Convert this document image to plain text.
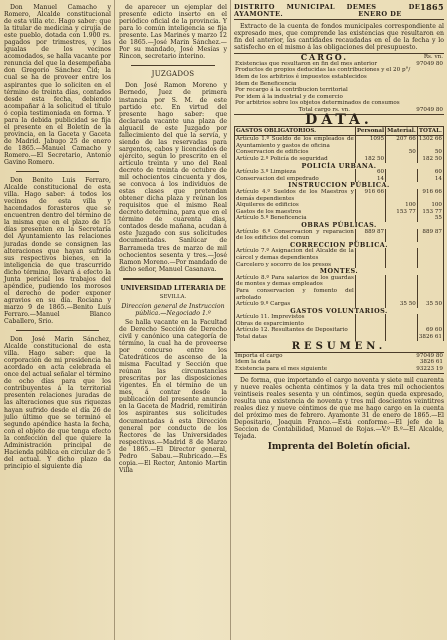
Don Manuel Camacho y Romero, Alcalde constitucional de esta villa etc. Hago saber: que la titular de medicina y cirujía de este pueblo, dotada con 1.900 rs. pagados por trimestres, y las igualas de los vecinos acomodados, se halla vacante por renuncia del que la desempeñaba don Gregorio Sánchez Cid; la cual se ha de proveer entre los aspirantes que lo soliciten en el término de treinta días, contados desde esta fecha, debiendo acompañar á la solicitud el título ó copia testimoniada en forma. Y para la debida publicidad se fija el presente en el Boletín de la provincia, en la Gaceta y Gaceta de Madrid. Jabugo 25 de enero de 1865.—Manuel Camacho y Romero.—El Secretario, Antonio Gavino Romero.

Don Benito Luis Ferraro, Alcalde constitucional de esta villa. Hago saber: á todos los vecinos de esta villa y hacendados forasteros que se encuentren dentro del término de la misma que en el plazo de 15 días presenten en la Secretaría del Ayuntamiento las relaciones juradas donde se consignen las alteraciones que hayan sufrido sus respectivos bienes, en la inteligencia de que trascurrido dicho término, llevará á efecto la Junta pericial los trabajos del apéndice, pudiendo los morosos el derecho de poder exponer agravios en su día. Rociana y marzo 9 de 1865.—Benito Luis Ferraro.—Manuel Blanco Caballero, Srio.

Don José Marin Sánchez, Alcalde constitucional de esta villa. Hago saber: que la corporación de mi presidencia ha acordado en acta celebrada el once del actual señalar el término de ocho días para que los contribuyentes á la territorial presenten relaciones juradas de las alteraciones que sus riquezas hayan sufrido desde el día 26 de julio último que se terminó el segundo apéndice hasta la fecha, con el objeto de que tenga efecto la confección del que quiere la Administración principal de Hacienda pública en circular de 5 del actual. Y dicho plazo da principio el siguiente día

de aparecer un ejemplar del presente edicto inserto en el periódico oficial de la provincia. Y para lo común inteligencia se fija presente. Las Marines y marzo 12 de 1865.—José Marin Sánchez.—Por su mandado, José Mesías y Rincon, secretario interino.

JUZGADOS

Don José Ramon Moreno y Bernedo, Juez de primera instancia por S. M. de este partido etc. En virtud del presente hago saber: que declarada vacante una plaza de alguacil de este Juzgado por fallecimiento del que la servía, y siendo de las reservadas para sargentos, cabos y licenciados de ejército, según lo prescrito en el artículo treinta y uno del Real decreto de treinta de octubre de mil ochocientos cincuenta y dos, se convoca á los individuos de estas clases que pretendan obtener dicha plaza y reúnan los requisitos que el mismo Real decreto determina, para que en el término de cuarenta días, contados desde mañana, acudan á este Juzgado con sus solicitudes documentadas. Sanlúcar de Barrameda tres de marzo de mil ochocientos sesenta y tres.—José Ramon Moreno.—Por mandado de dicho señor, Manuel Casanava.

UNIVERSIDAD LITERARIA DE

SEVILLA.

Direccion general de Instruccion pública.—Negociado 1.º

Se halla vacante en la Facultad de Derecho Sección de Derecho civil y canónico una categoría de término, la cual ha de proveerse por concurso entre los Catedráticos de ascenso de la misma Facultad y Sección que reúnan las circunstancias prescritas por las disposiciones vigentes. En el término de un mes, á contar desde la publicación del presente anuncio en la Gaceta de Madrid, remitirán los aspirantes sus solicitudes documentadas á esta Dirección general por conducto de los Rectores de las Universidades respectivas.—Madrid 8 de Marzo de 1865.—El Director general, Pedro Sabau.—Rubricado.—Es copia.—El Rector, Antonio Martin Villa

DISTRITO MUNICIPAL DE AYAMONTE.
MES DE ENERO DE
1865

Extracto de la cuenta de fondos municipales correspondiente al expresado mes, que comprende las existencias que resultaron en fin del anterior, las cantidades recaudadas en el de la fecha y lo satisfecho en el mismo á las obligaciones del presupuesto.

CARGO.	Rs. vn.
Existencias que resultaron en fin del mes anterior	97049 80
Productos de propios deducidas las contribuciones y el 20 p°/	
Idem de los arbitrios é impuestos establecidos	
Idem de Beneficencia	
Por recargo á la contribucion territorial	
Por idem á la industrial y de comercio	
Por arbitrios sobre los objetos determinados de consumos	
Total cargo rs. vn.	97049 80
DATA.
GASTOS OBLIGATORIOS.	Personal	Material.	TOTAL.
Artículo 1.º Sueldo de los empleados de Ayuntamiento y gastos de oficina	1095	207 66	1302 66
Conservacion de edificios		50	50
Artículo 2.º Policía de seguridad	182 50		182 50
POLICÍA URBANA.			
Artículo 3.º Limpieza	60		60
Conservacion del empedrado	14		14
INSTRUCCION PÚBLICA.			
Artículo 4.º Sueldos de los Maestros y demás dependientes	916 66		916 66
Alquileres de edificios		100	100
Gastos de los maestros		153 77	153 77
Artículo 5.º Beneficencia			55
OBRAS PÚBLICAS.			
Artículo 6.º Conservacion y reparacion de los edificios del comun	889 87		889 87
CORRECCION PÚBLICA.			
Artículo 7.º Asignacion del Alcalde de la cárcel y demas dependientes			
Carcelero y socorro de los presos			
MONTES.			
Artículo 8.º Para salarios de los guardas de montes y demas empleados			
Para conservacion y fomento del arbolado			
Artículo 9.º Cargas		35 50	35 50
GASTOS VOLUNTARIOS.			
Artículo 11. Imprevistos			
Obras de esparcimiento			
Artículo 12. Resultantes de Depositario			69 60
Total datas			3826 61
RESUMEN.
Importa el cargo	97049 80
Idem la data	3826 61
Existencia para el mes siguiente	93223 19

De forma, que importando el cargo noventa y siete mil cuarenta y nueve reales ochenta céntimos y la data tres mil ochocientos veintiseis reales sesenta y un céntimos, según queda expresado, resulta una existencia de noventa y tres mil doscientos veintitres reales diez y nueve céntimos de que me hago cargo en la cuenta del próximo mes de febrero. Ayamonte 31 de enero de 1865.—El Depositario, Joaquin Franco.—Está conforme.—El jefe de la Seccion de Contabilidad, Manuel de Rojas.—V.º B.º—El Alcalde, Tejada.

Imprenta del Boletín oficial.
